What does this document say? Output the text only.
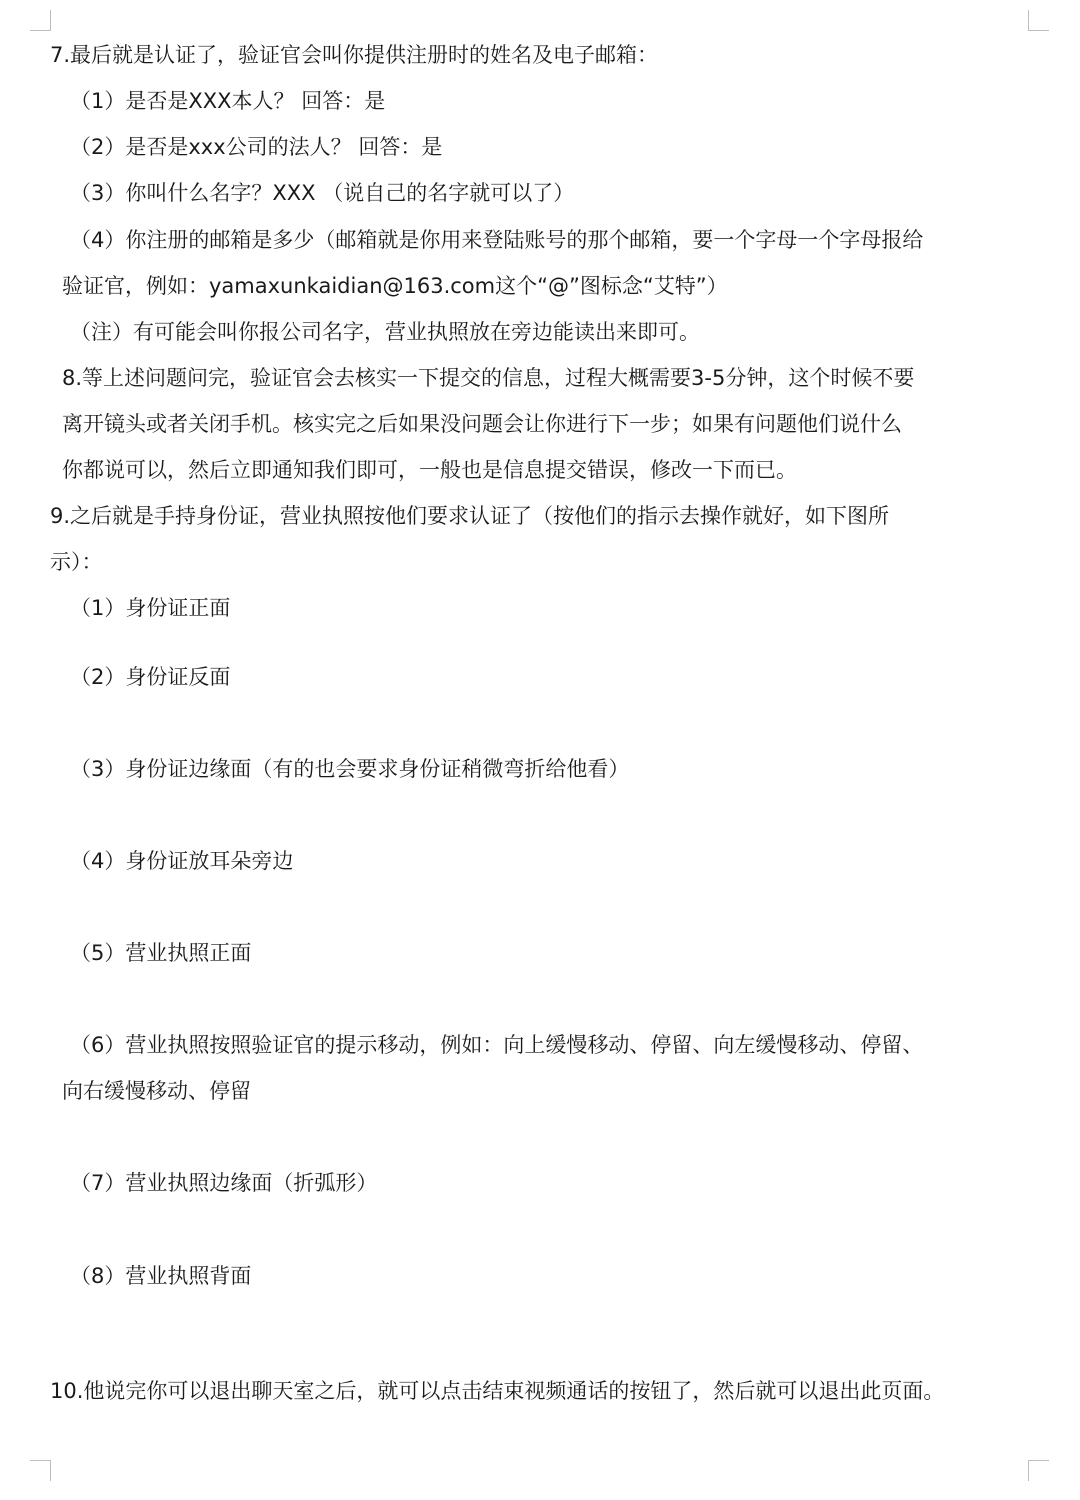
7.最后就是认证了，验证官会叫你提供注册时的姓名及电子邮箱：
（1）是否是XXX本人？ 回答：是
（2）是否是xxx公司的法人？ 回答：是
（3）你叫什么名字？XXX （说自己的名字就可以了）
（4）你注册的邮箱是多少（邮箱就是你用来登陆账号的那个邮箱，要一个字母一个字母报给
验证官，例如：yamaxunkaidian@163.com这个“@”图标念“艾特”）
（注）有可能会叫你报公司名字，营业执照放在旁边能读出来即可。
8.等上述问题问完，验证官会去核实一下提交的信息，过程大概需要3-5分钟，这个时候不要
离开镜头或者关闭手机。核实完之后如果没问题会让你进行下一步；如果有问题他们说什么
你都说可以，然后立即通知我们即可，一般也是信息提交错误，修改一下而已。
9.之后就是手持身份证，营业执照按他们要求认证了（按他们的指示去操作就好，如下图所
示）：
（1）身份证正面
（2）身份证反面
（3）身份证边缘面（有的也会要求身份证稍微弯折给他看）
（4）身份证放耳朵旁边
（5）营业执照正面
（6）营业执照按照验证官的提示移动，例如：向上缓慢移动、停留、向左缓慢移动、停留、
向右缓慢移动、停留
（7）营业执照边缘面（折弧形）
（8）营业执照背面
10.他说完你可以退出聊天室之后，就可以点击结束视频通话的按钮了，然后就可以退出此页面。
